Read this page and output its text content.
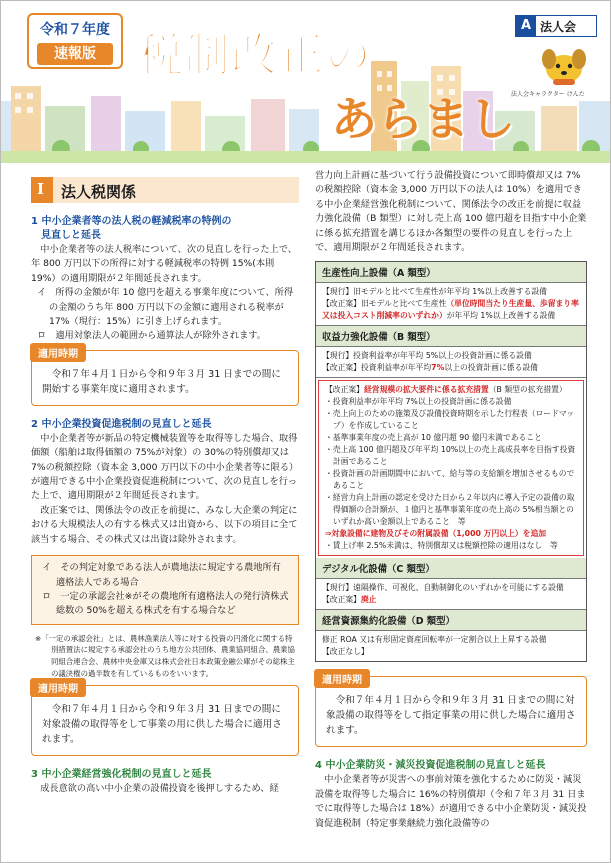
令和７年度
速報版 税制改正の
あらまし
A 法人会
法人会キャラクター けんた
Ⅰ 法人税関係
1 中小企業者等の法人税の軽減税率の特例の
見直しと延長
中小企業者等の法人税率について、次の見直しを行った上で、年 800 万円以下の所得に対する軽減税率の特例 15%(本則 19%）の適用期限が２年間延長されます。
イ　所得の金額が年 10 億円を超える事業年度について、所得の金額のうち年 800 万円以下の金額に適用される税率が 17%（現行：15%）に引き上げられます。
ロ　適用対象法人の範囲から通算法人が除外されます。
適用時期
令和７年４月１日から令和９年３月 31 日までの間に開始する事業年度に適用されます。
2 中小企業投資促進税制の見直しと延長
中小企業者等が新品の特定機械装置等を取得等した場合、取得価額（船舶は取得価額の 75%が対象）の 30%の特別償却又は 7%の税額控除（資本金 3,000 万円以下の中小企業者等に限る）が適用できる中小企業投資促進税制について、次の見直しを行った上で、適用期限が２年間延長されます。
改正案では、関係法令の改正を前提に、みなし大企業の判定における大規模法人の有する株式又は出資から、以下の項目に全て該当する場合、その株式又は出資は除外されます。
イ　その判定対象である法人が農地法に規定する農地所有適格法人である場合
ロ　一定の承認会社※がその農地所有適格法人の発行済株式総数の 50%を超える株式を有する場合など
※「一定の承認会社」とは、農林漁業法人等に対する投資の円滑化に関する特別措置法に規定する承認会社のうち地方公共団体、農業協同組合、農業協同組合連合会、農林中央金庫又は株式会社日本政策金融公庫がその総株主の議決権の過半数を有しているものをいいます。
適用時期
令和７年４月１日から令和９年３月 31 日までの間に対象設備の取得等をして事業の用に供した場合に適用されます。
3 中小企業経営強化税制の見直しと延長
成長意欲の高い中小企業の設備投資を後押しするため、経
営力向上計画に基づいて行う設備投資について即時償却又は 7%の税額控除（資本金 3,000 万円以下の法人は 10%）を適用できる中小企業経営強化税制について、関係法令の改正を前提に収益力強化設備（B 類型）に対し売上高 100 億円超を目指す中小企業に係る拡充措置を講じるほか各類型の要件の見直しを行った上で、適用期限が２年間延長されます。
生産性向上設備（A 類型）
【現行】旧モデルと比べて生産性が年平均 1%以上改善する設備
【改正案】旧モデルと比べて生産性（単位時間当たり生産量、歩留まり率又は投入コスト削減率のいずれか）が年平均 1%以上改善する設備
収益力強化設備（B 類型）
【現行】投資利益率が年平均 5%以上の投資計画に係る設備
【改正案】投資利益率が年平均7%以上の投資計画に係る設備
【改正案】経営規模の拡大要件に係る拡充措置（B 類型の拡充措置）
・投資利益率が年平均 7%以上の投資計画に係る設備
・売上向上のための施策及び設備投資時期を示した行程表（ロードマップ）を作成していること
・基準事業年度の売上高が 10 億円超 90 億円未満であること
・売上高 100 億円超及び年平均 10%以上の売上高成長率を目指す投資計画であること
・投資計画の計画期間中において、給与等の支給額を増加させるものであること
・経営力向上計画の認定を受けた日から２年以内に導入予定の設備の取得価額の合計額が、１億円と基準事業年度の売上高の 5%相当額とのいずれか高い金額以上であること　等
⇒対象設備に建物及びその附属設備（1,000 万円以上）を追加
・賃上げ率 2.5%未満は、特別償却又は税額控除の適用はなし　等
デジタル化設備（C 類型）
【現行】遠隔操作、可視化、自動制御化のいずれかを可能にする設備
【改正案】廃止
経営資源集約化設備（D 類型）
修正 ROA 又は有形固定資産回転率が一定割合以上上昇する設備
【改正なし】
適用時期
令和７年４月１日から令和９年３月 31 日までの間に対象設備の取得等をして指定事業の用に供した場合に適用されます。
4 中小企業防災・減災投資促進税制の見直しと延長
中小企業者等が災害への事前対策を強化するために防災・減災設備を取得等した場合に 16%の特別償却（令和７年３月 31 日までに取得等した場合は 18%）が適用できる中小企業防災・減災投資促進税制（特定事業継続力強化設備等の
